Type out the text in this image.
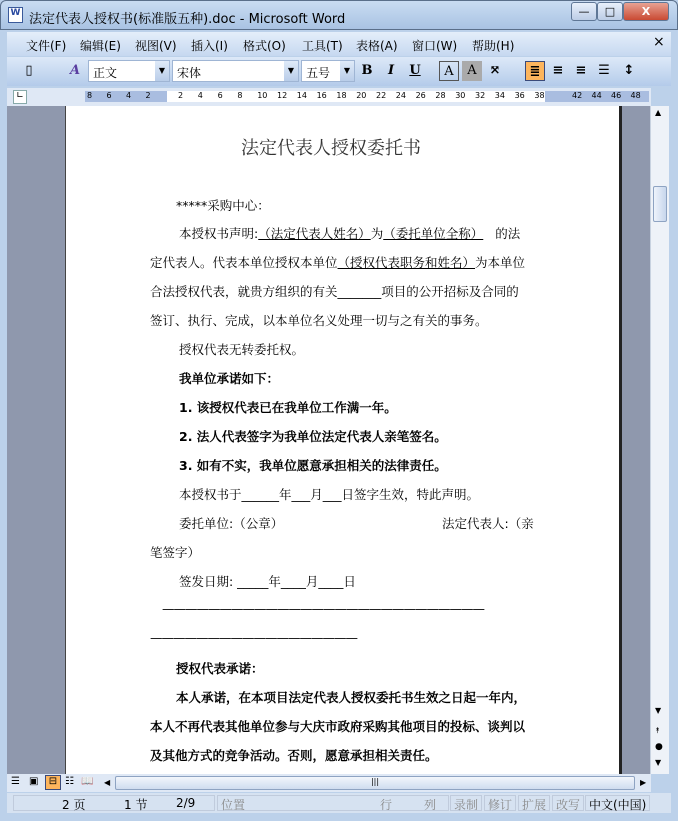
W 法定代表人授权书(标准版五种).doc - Microsoft Word
—	□	X
文件(F) 编辑(E) 视图(V) 插入(I) 格式(O) 工具(T) 表格(A) 窗口(W) 帮助(H)	×
▯	A	正文	▼ 宋体	▼ 五号	▼ B	I	U	A	A ⤧	≣ ≡ ≡ ☰	↕
∟	8 6 4 2	2 4 6 8 10 12 14 16 18 20 22 24 26 28 30 32 34 36 38	42 44 46 48
法定代表人授权委托书
*****采购中心：
本授权书声明:（法定代表人姓名）为（委托单位全称） 的法
定代表人。代表本单位授权本单位（授权代表职务和姓名）为本单位
合法授权代表，就贵方组织的有关_______项目的公开招标及合同的
签订、执行、完成，以本单位名义处理一切与之有关的事务。
授权代表无转委托权。
我单位承诺如下：
1. 该授权代表已在我单位工作满一年。
2. 法人代表签字为我单位法定代表人亲笔签名。
3. 如有不实，我单位愿意承担相关的法律责任。
本授权书于______年___月___日签字生效，特此声明。
委托单位:（公章）	法定代表人:（亲
笔签字）
签发日期: _____年____月____日
————————————————————————————
——————————————————
授权代表承诺：
本人承诺，在本项目法定代表人授权委托书生效之日起一年内，
本人不再代表其他单位参与大庆市政府采购其他项目的投标、谈判以
及其他方式的竞争活动。否则，愿意承担相关责任。
▲
▼
⯭
●
▼
☰ ▣	⊟ ☷ 📖 ◀	|||	▶
2 页	1 节 2/9 位置	行	列	录制 修订 扩展 改写 中文(中国)
